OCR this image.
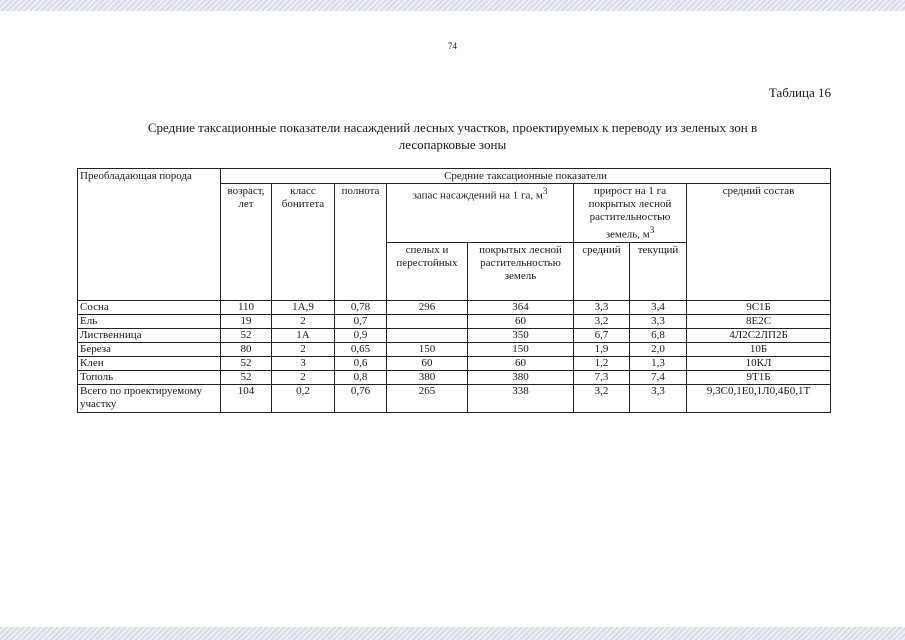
74
Таблица 16
Средние таксационные показатели насаждений лесных участков, проектируемых к переводу из зеленых зон в
лесопарковые зоны
Преобладающая порода	Средние таксационные показатели							
	возраст, лет	класс бонитета	полнота	запас насаждений на 1 га, $м^3$		прирост на 1 га покрытых лесной растительностью земель, $м^3$		средний состав
				спелых и перестойных	покрытых лесной растительностью земель	средний	текущий	
Сосна	110	1А,9	0,78	296	364	3,3	3,4	9С1Б
Ель	19	2	0,7		60	3,2	3,3	8Е2С
Лиственница	52	1А	0,9		350	6,7	6,8	4Л2С2ЛП2Б
Береза	80	2	0,65	150	150	1,9	2,0	10Б
Клен	52	3	0,6	60	60	1,2	1,3	10КЛ
Тополь	52	2	0,8	380	380	7,3	7,4	9Т1Б
Всего по проектируемому участку	104	0,2	0,76	265	338	3,2	3,3	9,3С0,1Е0,1Л0,4Б0,1Т
